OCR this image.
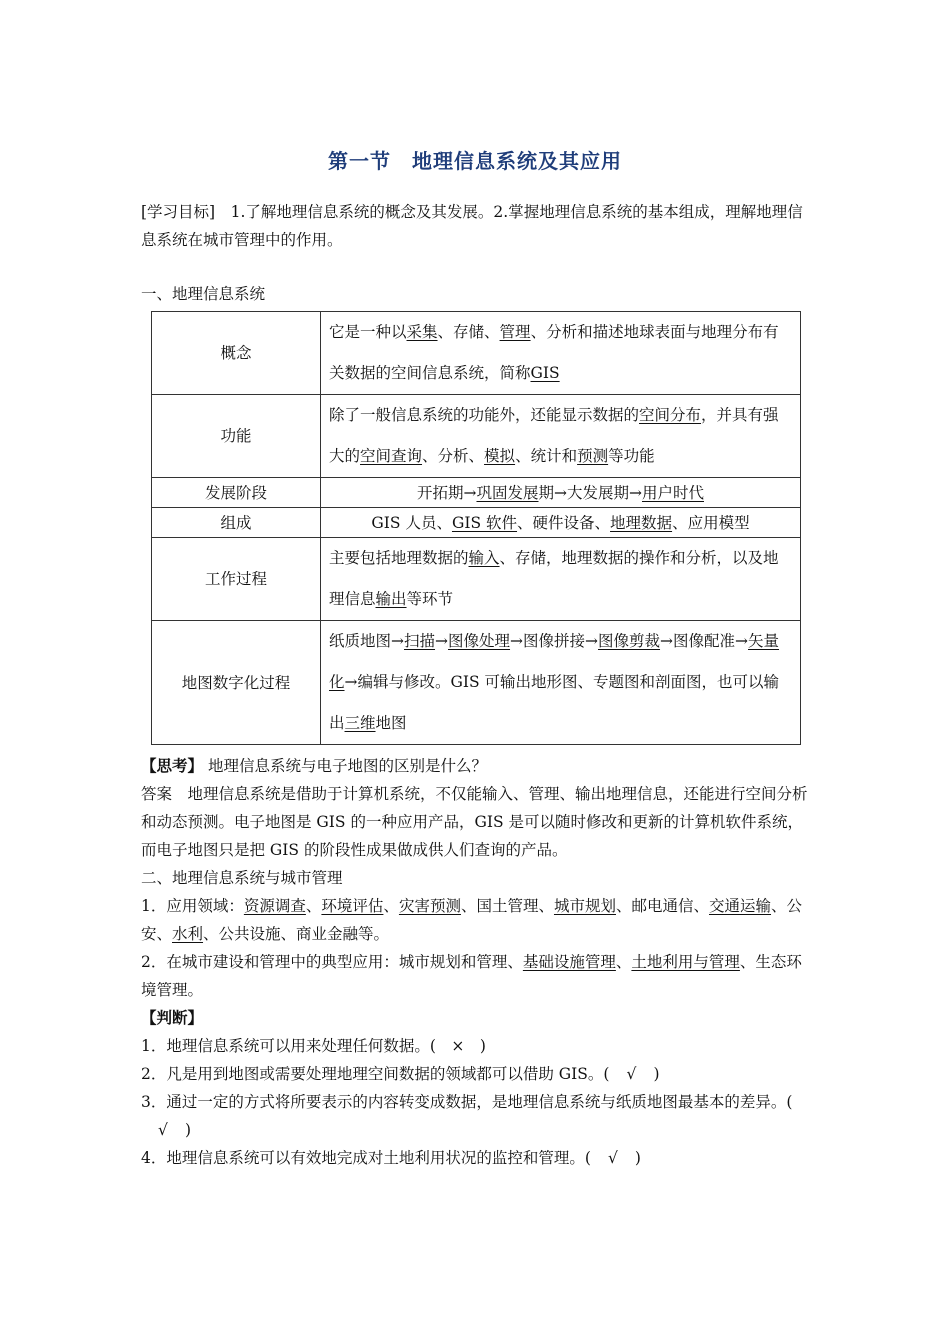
第一节　地理信息系统及其应用
[学习目标]　1.了解地理信息系统的概念及其发展。2.掌握地理信息系统的基本组成，理解地理信息系统在城市管理中的作用。
一、地理信息系统
概念	它是一种以采集、存储、管理、分析和描述地球表面与地理分布有关数据的空间信息系统，简称GIS
功能	除了一般信息系统的功能外，还能显示数据的空间分布，并具有强大的空间查询、分析、模拟、统计和预测等功能
发展阶段	开拓期→巩固发展期→大发展期→用户时代
组成	GIS 人员、GIS 软件、硬件设备、地理数据、应用模型
工作过程	主要包括地理数据的输入、存储，地理数据的操作和分析，以及地理信息输出等环节
地图数字化过程	纸质地图→扫描→图像处理→图像拼接→图像剪裁→图像配准→矢量化→编辑与修改。GIS 可输出地形图、专题图和剖面图，也可以输出三维地图
【思考】 地理信息系统与电子地图的区别是什么？
答案　 地理信息系统是借助于计算机系统，不仅能输入、管理、输出地理信息，还能进行空间分析和动态预测。电子地图是 GIS 的一种应用产品，GIS 是可以随时修改和更新的计算机软件系统，而电子地图只是把 GIS 的阶段性成果做成供人们查询的产品。
二、地理信息系统与城市管理
1．应用领域：资源调查、环境评估、灾害预测、国土管理、城市规划、邮电通信、交通运输、公安、水利、公共设施、商业金融等。
2．在城市建设和管理中的典型应用：城市规划和管理、基础设施管理、土地利用与管理、生态环境管理。
【判断】
1．地理信息系统可以用来处理任何数据。( × )
2．凡是用到地图或需要处理地理空间数据的领域都可以借助 GIS。( √ )
3．通过一定的方式将所要表示的内容转变成数据，是地理信息系统与纸质地图最基本的差异。(√ )
4．地理信息系统可以有效地完成对土地利用状况的监控和管理。( √ )
